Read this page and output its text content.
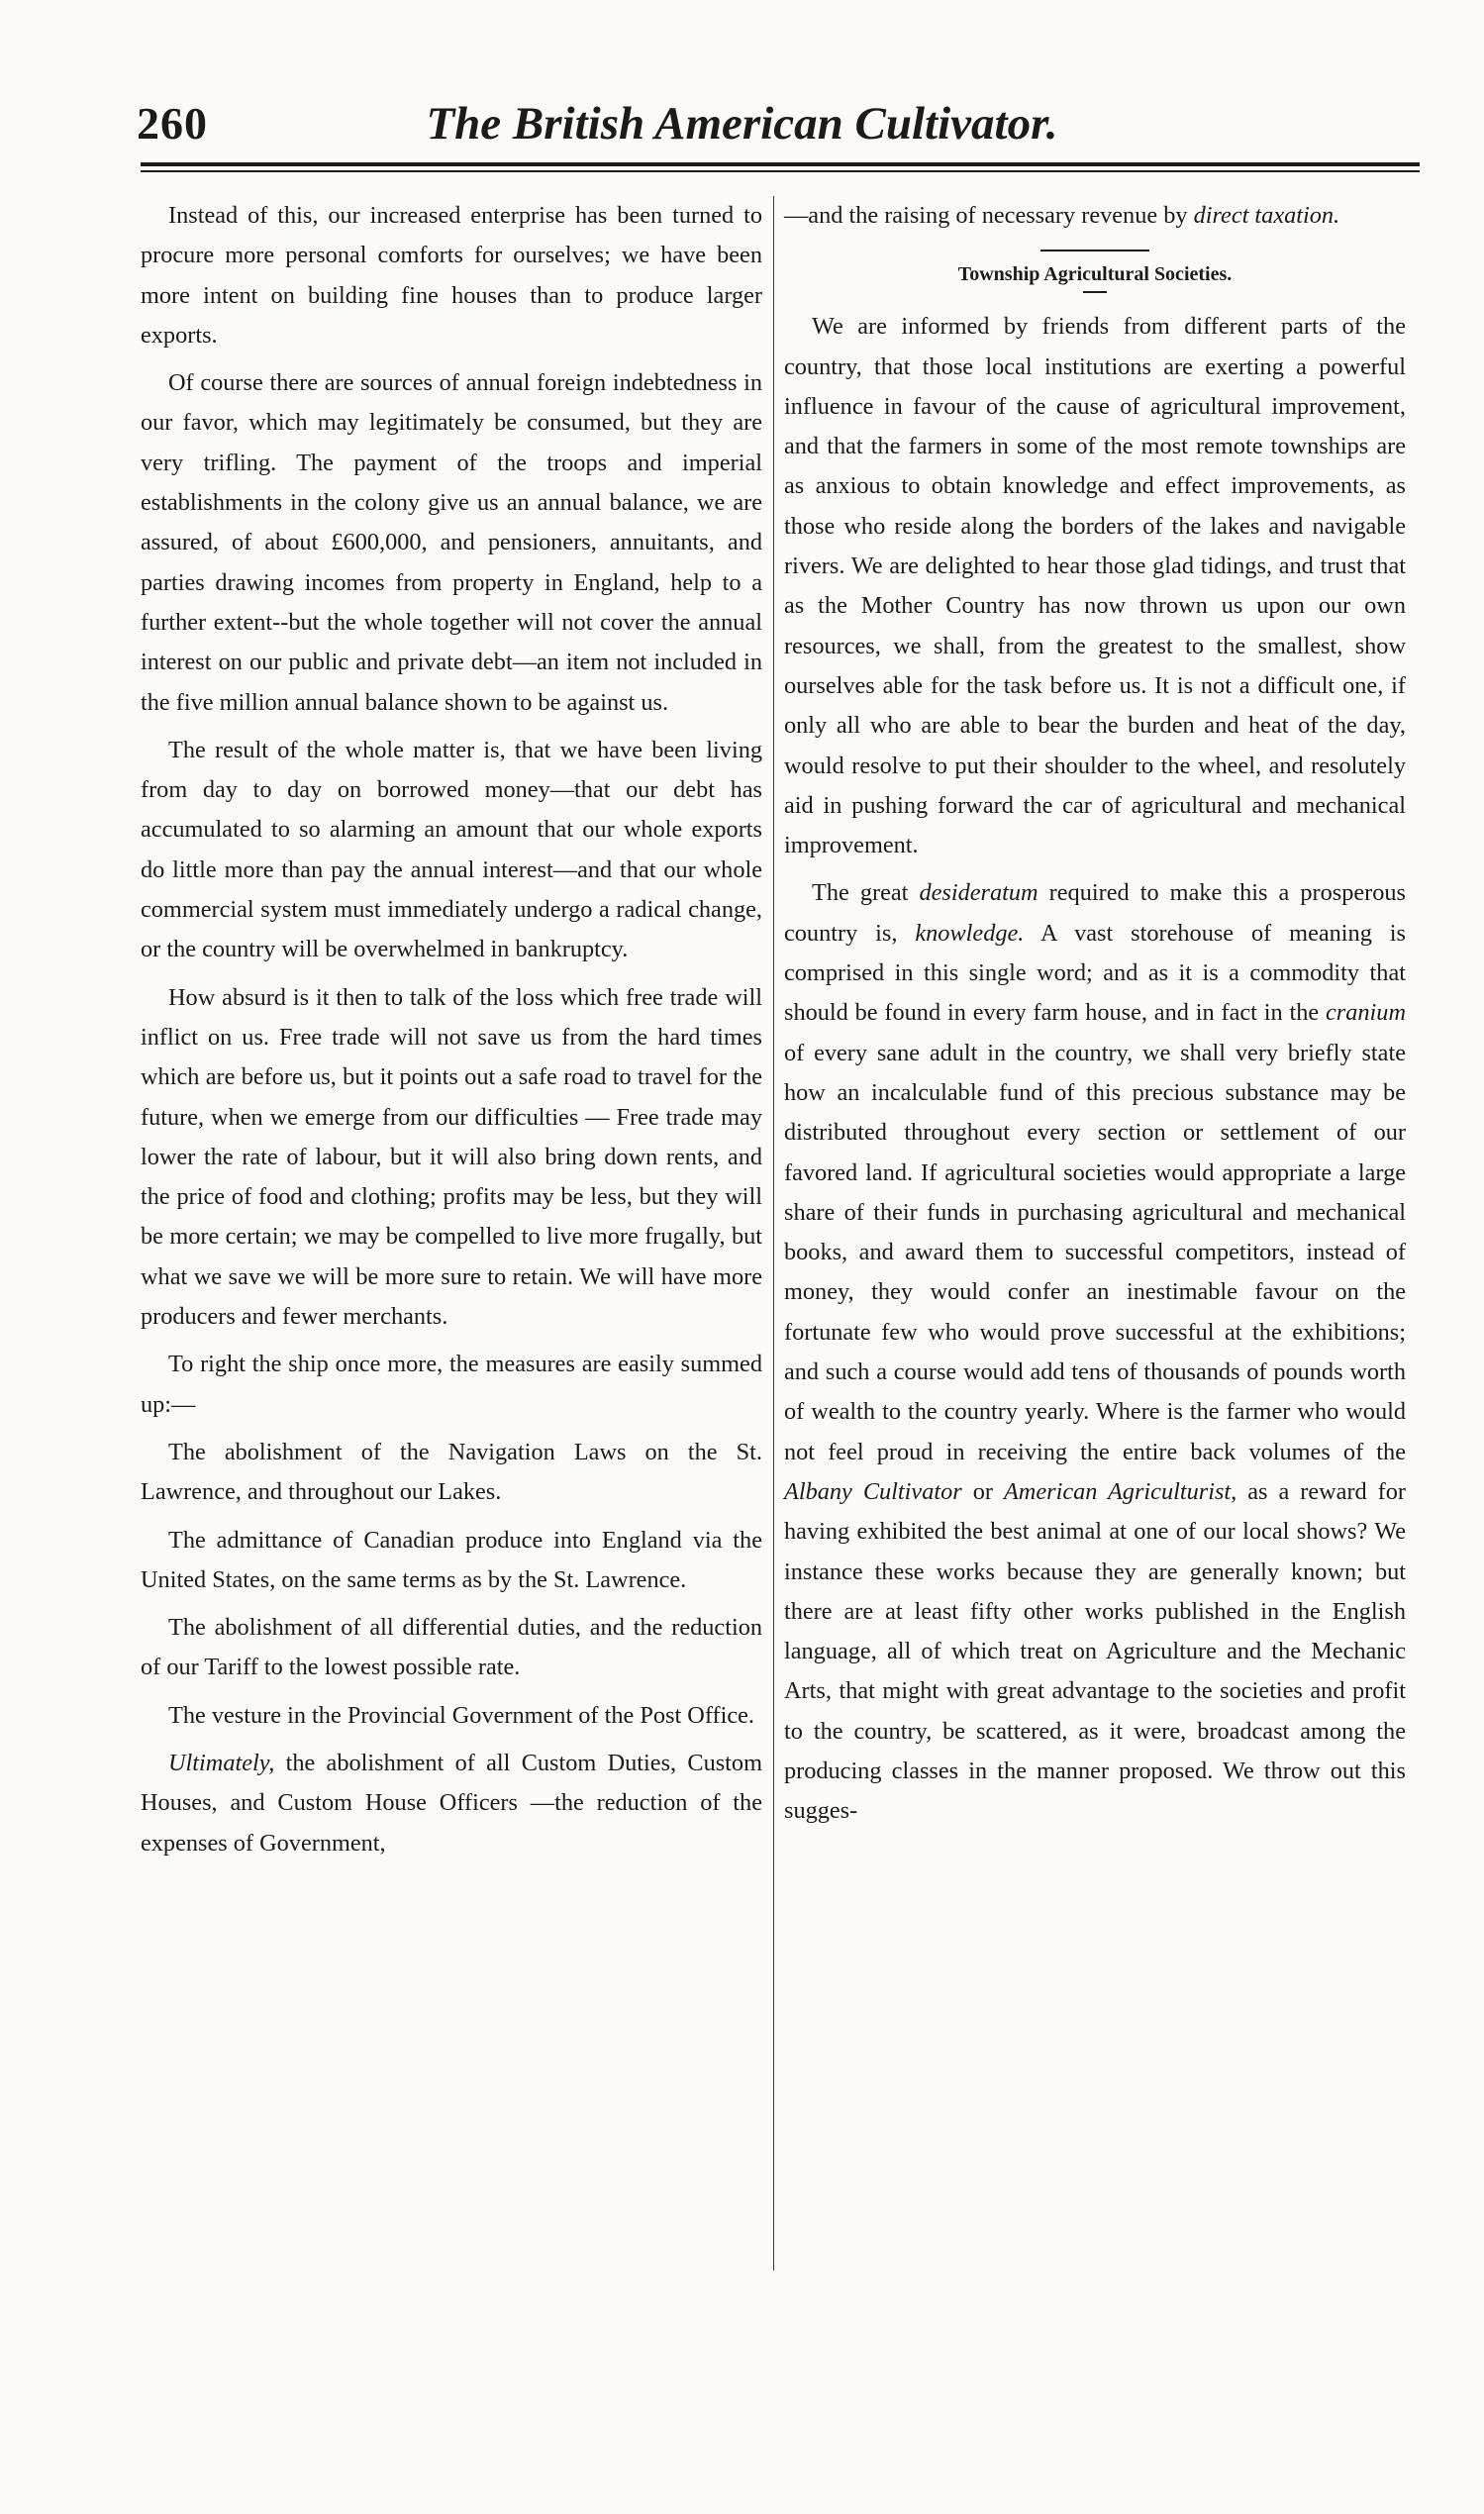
260	The British American Cultivator.

Instead of this, our increased enterprise has been turned to procure more personal comforts for ourselves; we have been more intent on building fine houses than to produce larger exports.

Of course there are sources of annual foreign indebtedness in our favor, which may legitimately be consumed, but they are very trifling. The payment of the troops and imperial establishments in the colony give us an annual balance, we are assured, of about £600,000, and pensioners, annuitants, and parties drawing incomes from property in England, help to a further extent--but the whole together will not cover the annual interest on our public and private debt—an item not included in the five million annual balance shown to be against us.

The result of the whole matter is, that we have been living from day to day on borrowed money—that our debt has accumulated to so alarming an amount that our whole exports do little more than pay the annual interest—and that our whole commercial system must immediately undergo a radical change, or the country will be overwhelmed in bankruptcy.

How absurd is it then to talk of the loss which free trade will inflict on us. Free trade will not save us from the hard times which are before us, but it points out a safe road to travel for the future, when we emerge from our difficulties — Free trade may lower the rate of labour, but it will also bring down rents, and the price of food and clothing; profits may be less, but they will be more certain; we may be compelled to live more frugally, but what we save we will be more sure to retain. We will have more producers and fewer merchants.

To right the ship once more, the measures are easily summed up:—

The abolishment of the Navigation Laws on the St. Lawrence, and throughout our Lakes.

The admittance of Canadian produce into England via the United States, on the same terms as by the St. Lawrence.

The abolishment of all differential duties, and the reduction of our Tariff to the lowest possible rate.

The vesture in the Provincial Government of the Post Office.

Ultimately, the abolishment of all Custom Duties, Custom Houses, and Custom House Officers —the reduction of the expenses of Government,

—and the raising of necessary revenue by direct taxation.

Township Agricultural Societies.

We are informed by friends from different parts of the country, that those local institutions are exerting a powerful influence in favour of the cause of agricultural improvement, and that the farmers in some of the most remote townships are as anxious to obtain knowledge and effect improvements, as those who reside along the borders of the lakes and navigable rivers. We are delighted to hear those glad tidings, and trust that as the Mother Country has now thrown us upon our own resources, we shall, from the greatest to the smallest, show ourselves able for the task before us. It is not a difficult one, if only all who are able to bear the burden and heat of the day, would resolve to put their shoulder to the wheel, and resolutely aid in pushing forward the car of agricultural and mechanical improvement.

The great desideratum required to make this a prosperous country is, knowledge. A vast storehouse of meaning is comprised in this single word; and as it is a commodity that should be found in every farm house, and in fact in the cranium of every sane adult in the country, we shall very briefly state how an incalculable fund of this precious substance may be distributed throughout every section or settlement of our favored land. If agricultural societies would appropriate a large share of their funds in purchasing agricultural and mechanical books, and award them to successful competitors, instead of money, they would confer an inestimable favour on the fortunate few who would prove successful at the exhibitions; and such a course would add tens of thousands of pounds worth of wealth to the country yearly. Where is the farmer who would not feel proud in receiving the entire back volumes of the Albany Cultivator or American Agriculturist, as a reward for having exhibited the best animal at one of our local shows? We instance these works because they are generally known; but there are at least fifty other works published in the English language, all of which treat on Agriculture and the Mechanic Arts, that might with great advantage to the societies and profit to the country, be scattered, as it were, broadcast among the producing classes in the manner proposed. We throw out this sugges-
